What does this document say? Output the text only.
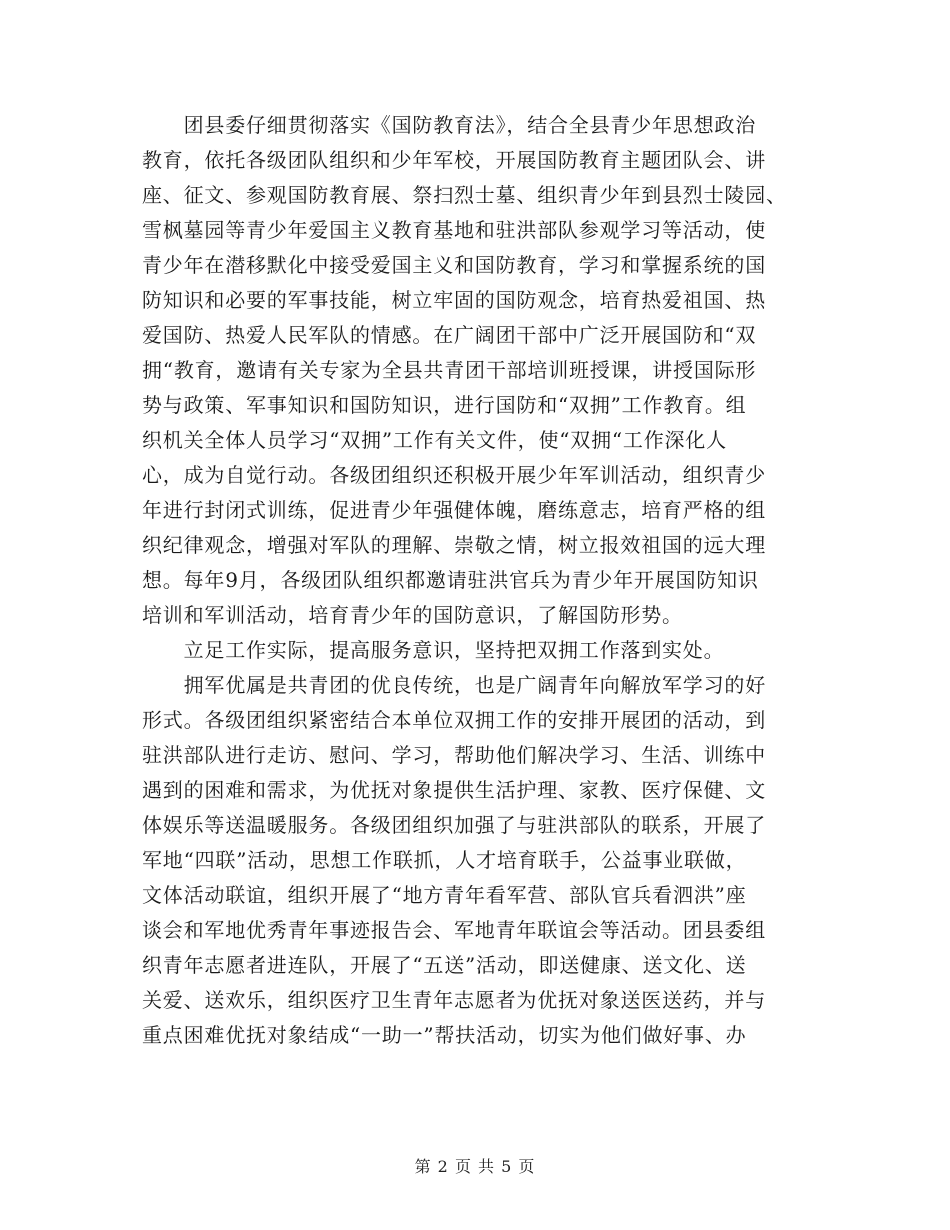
　　团县委仔细贯彻落实《国防教育法》，结合全县青少年思想政治
教育，依托各级团队组织和少年军校，开展国防教育主题团队会、讲
座、征文、参观国防教育展、祭扫烈士墓、组织青少年到县烈士陵园、
雪枫墓园等青少年爱国主义教育基地和驻洪部队参观学习等活动，使
青少年在潜移默化中接受爱国主义和国防教育，学习和掌握系统的国
防知识和必要的军事技能，树立牢固的国防观念，培育热爱祖国、热
爱国防、热爱人民军队的情感。在广阔团干部中广泛开展国防和“双
拥“教育，邀请有关专家为全县共青团干部培训班授课，讲授国际形
势与政策、军事知识和国防知识，进行国防和“双拥”工作教育。组
织机关全体人员学习“双拥”工作有关文件，使“双拥“工作深化人
心，成为自觉行动。各级团组织还积极开展少年军训活动，组织青少
年进行封闭式训练，促进青少年强健体魄，磨练意志，培育严格的组
织纪律观念，增强对军队的理解、崇敬之情，树立报效祖国的远大理
想。每年9月，各级团队组织都邀请驻洪官兵为青少年开展国防知识
培训和军训活动，培育青少年的国防意识，了解国防形势。
　　立足工作实际，提高服务意识，坚持把双拥工作落到实处。
　　拥军优属是共青团的优良传统，也是广阔青年向解放军学习的好
形式。各级团组织紧密结合本单位双拥工作的安排开展团的活动，到
驻洪部队进行走访、慰问、学习，帮助他们解决学习、生活、训练中
遇到的困难和需求，为优抚对象提供生活护理、家教、医疗保健、文
体娱乐等送温暖服务。各级团组织加强了与驻洪部队的联系，开展了
军地“四联”活动，思想工作联抓，人才培育联手，公益事业联做，
文体活动联谊，组织开展了“地方青年看军营、部队官兵看泗洪”座
谈会和军地优秀青年事迹报告会、军地青年联谊会等活动。团县委组
织青年志愿者进连队，开展了“五送”活动，即送健康、送文化、送
关爱、送欢乐，组织医疗卫生青年志愿者为优抚对象送医送药，并与
重点困难优抚对象结成“一助一”帮扶活动，切实为他们做好事、办
第 2 页 共 5 页
